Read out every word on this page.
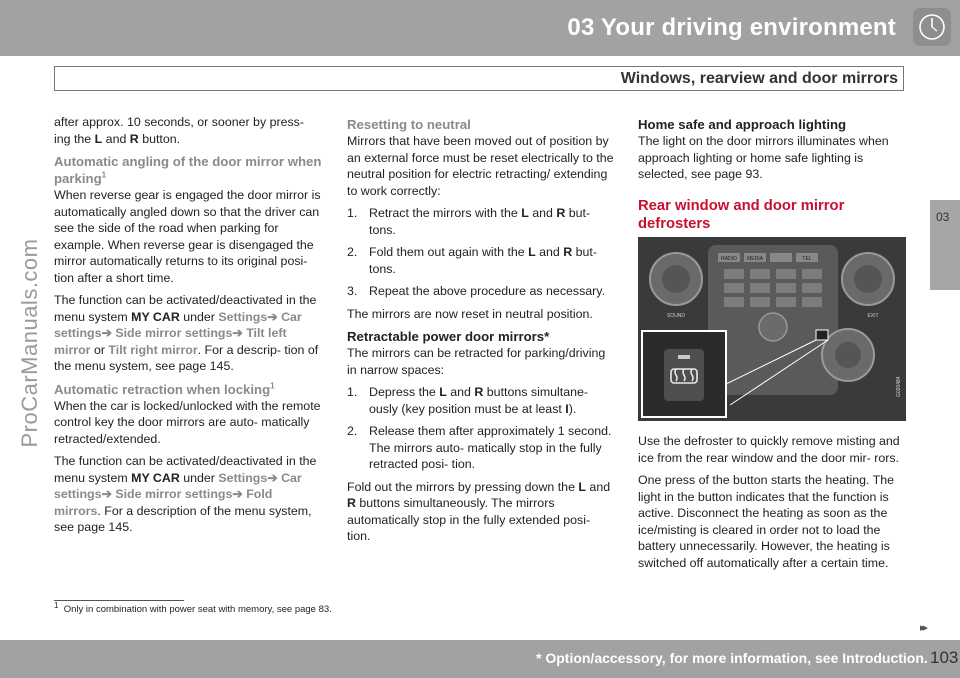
03 Your driving environment
Windows, rearview and door mirrors
03
ProCarManuals.com

after approx. 10 seconds, or sooner by press- ing the L and R button.

Automatic angling of the door mirror when parking$^1$

When reverse gear is engaged the door mirror is automatically angled down so that the driver can see the side of the road when parking for example. When reverse gear is disengaged the mirror automatically returns to its original posi- tion after a short time.

The function can be activated/deactivated in the menu system MY CAR under Settings➔ Car settings➔ Side mirror settings➔ Tilt left mirror or Tilt right mirror. For a descrip- tion of the menu system, see page 145.

Automatic retraction when locking$^1$

When the car is locked/unlocked with the remote control key the door mirrors are auto- matically retracted/extended.

The function can be activated/deactivated in the menu system MY CAR under Settings➔ Car settings➔ Side mirror settings➔ Fold mirrors. For a description of the menu system, see page 145.

Resetting to neutral

Mirrors that have been moved out of position by an external force must be reset electrically to the neutral position for electric retracting/ extending to work correctly:

1. Retract the mirrors with the L and R but- tons.
2. Fold them out again with the L and R but- tons.
3. Repeat the above procedure as necessary.

The mirrors are now reset in neutral position.

Retractable power door mirrors*

The mirrors can be retracted for parking/driving in narrow spaces:

1. Depress the L and R buttons simultane- ously (key position must be at least I).
2. Release them after approximately 1 second. The mirrors auto- matically stop in the fully retracted posi- tion.

Fold out the mirrors by pressing down the L and R buttons simultaneously. The mirrors automatically stop in the fully extended posi- tion.

Home safe and approach lighting

The light on the door mirrors illuminates when approach lighting or home safe lighting is selected, see page 93.

Rear window and door mirror defrosters
RADIO MEDIA	TEL
SOUND	EXIT
G020484

Use the defroster to quickly remove misting and ice from the rear window and the door mir- rors.

One press of the button starts the heating. The light in the button indicates that the function is active. Disconnect the heating as soon as the ice/misting is cleared in order not to load the battery unnecessarily. However, the heating is switched off automatically after a certain time.

$^1$ Only in combination with power seat with memory, see page 83.
▸▸
* Option/accessory, for more information, see Introduction. 103
